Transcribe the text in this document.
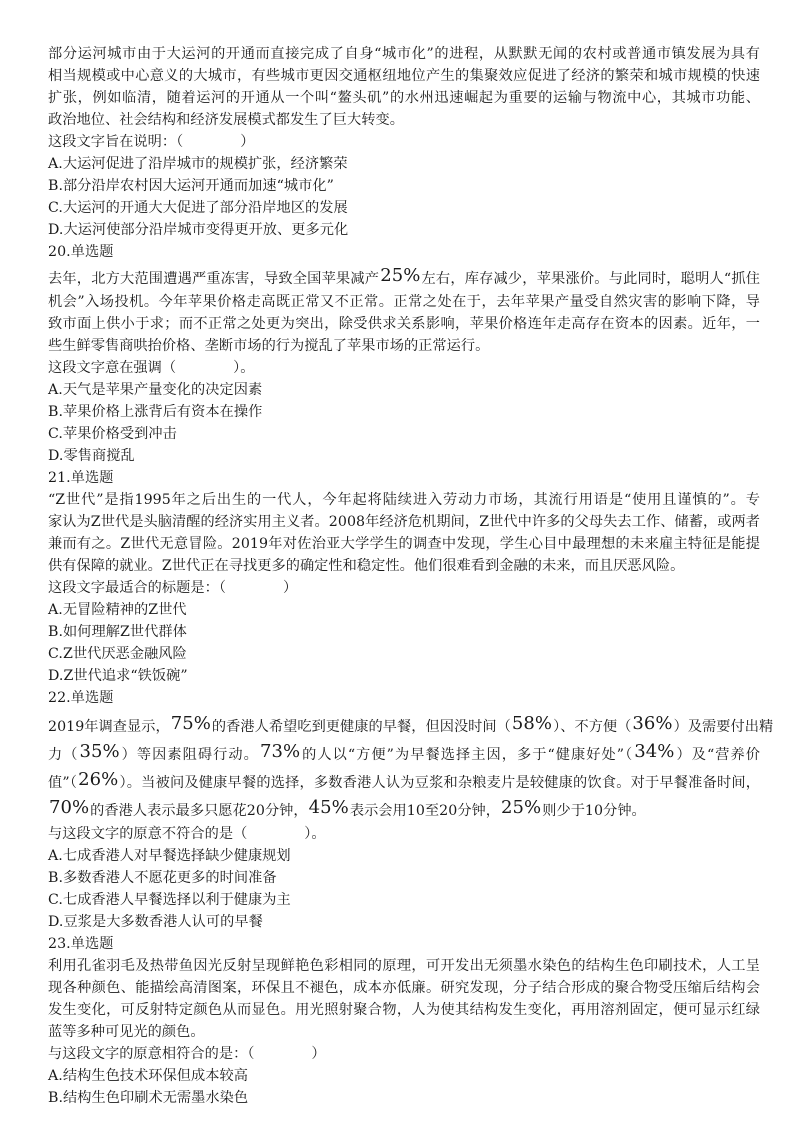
部分运河城市由于大运河的开通而直接完成了自身“城市化”的进程，从默默无闻的农村或普通市镇发展为具有
相当规模或中心意义的大城市，有些城市更因交通枢纽地位产生的集聚效应促进了经济的繁荣和城市规模的快速
扩张，例如临清，随着运河的开通从一个叫“鳌头矶”的水州迅速崛起为重要的运输与物流中心，其城市功能、
政治地位、社会结构和经济发展模式都发生了巨大转变。
这段文字旨在说明：（　　　　）
A.大运河促进了沿岸城市的规模扩张，经济繁荣
B.部分沿岸农村因大运河开通而加速“城市化”
C.大运河的开通大大促进了部分沿岸地区的发展
D.大运河使部分沿岸城市变得更开放、更多元化
20.单选题
去年，北方大范围遭遇严重冻害，导致全国苹果减产25%左右，库存减少，苹果涨价。与此同时，聪明人“抓住
机会”入场投机。今年苹果价格走高既正常又不正常。正常之处在于，去年苹果产量受自然灾害的影响下降，导
致市面上供小于求；而不正常之处更为突出，除受供求关系影响，苹果价格连年走高存在资本的因素。近年，一
些生鲜零售商哄抬价格、垄断市场的行为搅乱了苹果市场的正常运行。
这段文字意在强调（　　　　）。
A.天气是苹果产量变化的决定因素
B.苹果价格上涨背后有资本在操作
C.苹果价格受到冲击
D.零售商搅乱
21.单选题
“Z世代”是指1995年之后出生的一代人，今年起将陆续进入劳动力市场，其流行用语是“使用且谨慎的”。专
家认为Z世代是头脑清醒的经济实用主义者。2008年经济危机期间，Z世代中许多的父母失去工作、储蓄，或两者
兼而有之。Z世代无意冒险。2019年对佐治亚大学学生的调查中发现，学生心目中最理想的未来雇主特征是能提
供有保障的就业。Z世代正在寻找更多的确定性和稳定性。他们很难看到金融的未来，而且厌恶风险。
这段文字最适合的标题是：（　　　　）
A.无冒险精神的Z世代
B.如何理解Z世代群体
C.Z世代厌恶金融风险
D.Z世代追求“铁饭碗”
22.单选题
2019年调查显示，75%的香港人希望吃到更健康的早餐，但因没时间（58%）、不方便（36%）及需要付出精
力（35%）等因素阻碍行动。73%的人以“方便”为早餐选择主因，多于“健康好处”（34%）及“营养价
值”（26%）。当被问及健康早餐的选择，多数香港人认为豆浆和杂粮麦片是较健康的饮食。对于早餐准备时间，
70%的香港人表示最多只愿花20分钟，45%表示会用10至20分钟，25%则少于10分钟。
与这段文字的原意不符合的是（　　　　）。
A.七成香港人对早餐选择缺少健康规划
B.多数香港人不愿花更多的时间准备
C.七成香港人早餐选择以利于健康为主
D.豆浆是大多数香港人认可的早餐
23.单选题
利用孔雀羽毛及热带鱼因光反射呈现鲜艳色彩相同的原理，可开发出无须墨水染色的结构生色印刷技术，人工呈
现各种颜色、能描绘高清图案，环保且不褪色，成本亦低廉。研究发现，分子结合形成的聚合物受压缩后结构会
发生变化，可反射特定颜色从而显色。用光照射聚合物，人为使其结构发生变化，再用溶剂固定，便可显示红绿
蓝等多种可见光的颜色。
与这段文字的原意相符合的是：（　　　　）
A.结构生色技术环保但成本较高
B.结构生色印刷术无需墨水染色
